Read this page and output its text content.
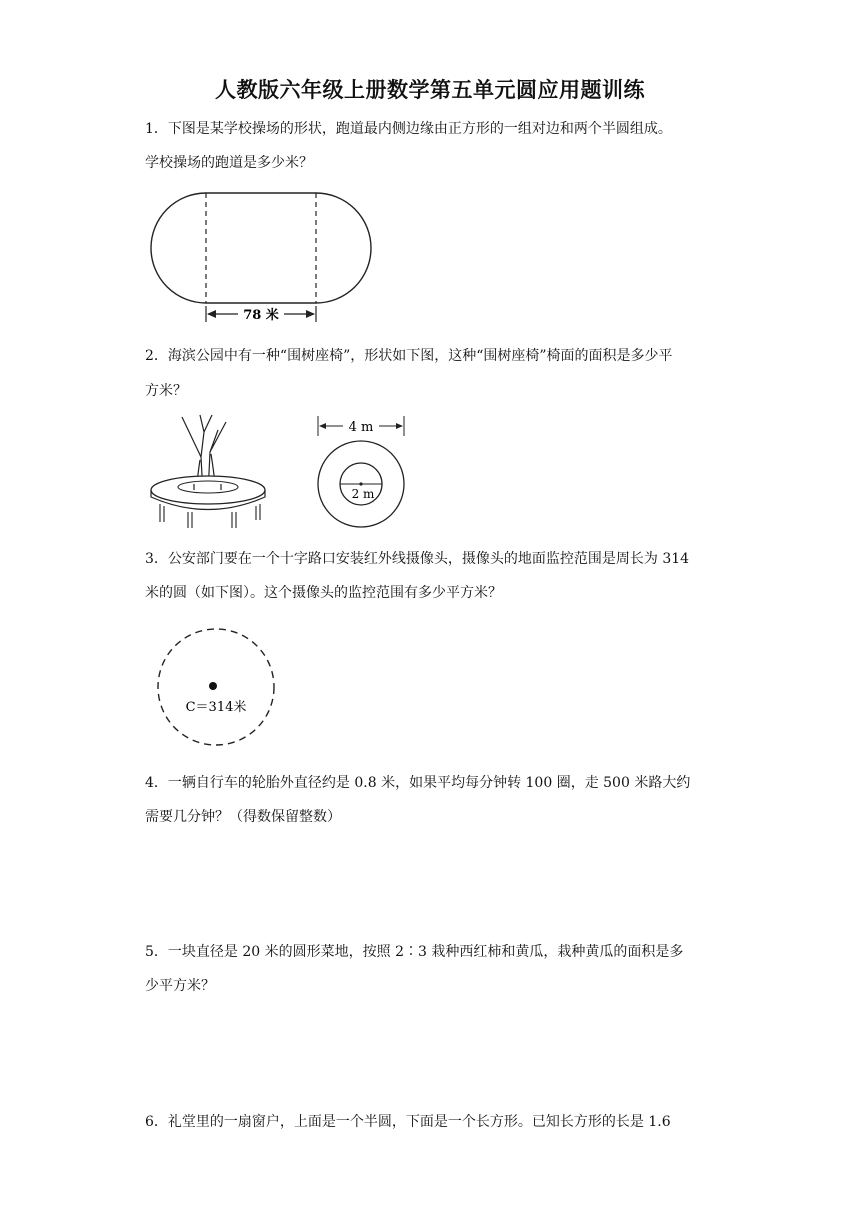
人教版六年级上册数学第五单元圆应用题训练
1．下图是某学校操场的形状，跑道最内侧边缘由正方形的一组对边和两个半圆组成。
学校操场的跑道是多少米？
78 米
2．海滨公园中有一种“围树座椅”，形状如下图，这种“围树座椅”椅面的面积是多少平
方米？
4 m
2 m
3．公安部门要在一个十字路口安装红外线摄像头，摄像头的地面监控范围是周长为 314
米的圆（如下图）。这个摄像头的监控范围有多少平方米？
C＝314米
4．一辆自行车的轮胎外直径约是 0.8 米，如果平均每分钟转 100 圈，走 500 米路大约
需要几分钟？（得数保留整数）
5．一块直径是 20 米的圆形菜地，按照 2∶3 栽种西红柿和黄瓜，栽种黄瓜的面积是多
少平方米？
6．礼堂里的一扇窗户，上面是一个半圆，下面是一个长方形。已知长方形的长是 1.6
